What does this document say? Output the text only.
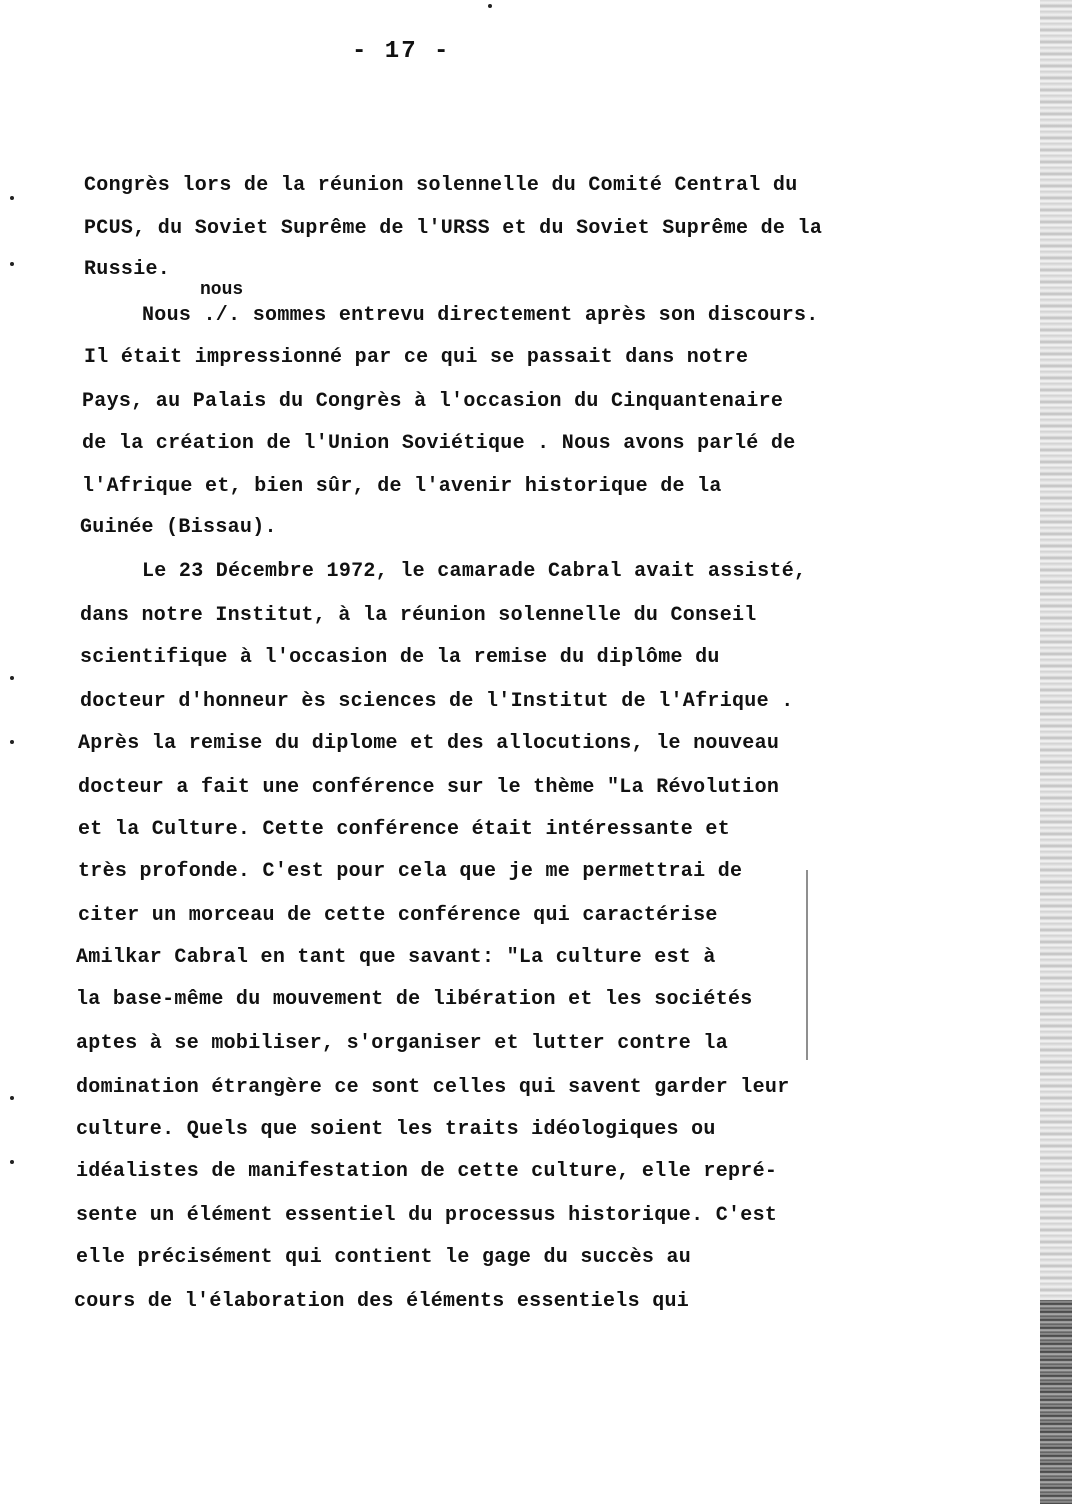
- 17 -
nous
Congrès lors de la réunion solennelle du Comité Central du
PCUS, du Soviet Suprême de l'URSS et du Soviet Suprême de la
Russie.
Nous ./. sommes entrevu directement après son discours.
Il était impressionné par ce qui se passait dans notre
Pays, au Palais du Congrès à l'occasion du Cinquantenaire
de la création de l'Union Soviétique . Nous avons parlé de
l'Afrique et, bien sûr, de l'avenir historique de la
Guinée (Bissau).
Le 23 Décembre 1972, le camarade Cabral avait assisté,
dans notre Institut, à la réunion solennelle du Conseil
scientifique à l'occasion de la remise du diplôme du
docteur d'honneur ès sciences de l'Institut de l'Afrique .
Après la remise du diplome et des allocutions, le nouveau
docteur a fait une conférence sur le thème "La Révolution
et la Culture. Cette conférence était intéressante et
très profonde. C'est pour cela que je me permettrai de
citer un morceau de cette conférence qui caractérise
Amilkar Cabral en tant que savant: "La culture est à
la base-même du mouvement de libération et les sociétés
aptes à se mobiliser, s'organiser et lutter contre la
domination étrangère ce sont celles qui savent garder leur
culture. Quels que soient les traits idéologiques ou
idéalistes de manifestation de cette culture, elle repré-
sente un élément essentiel du processus historique. C'est
elle précisément qui contient le gage du succès au
cours de l'élaboration des éléments essentiels qui
